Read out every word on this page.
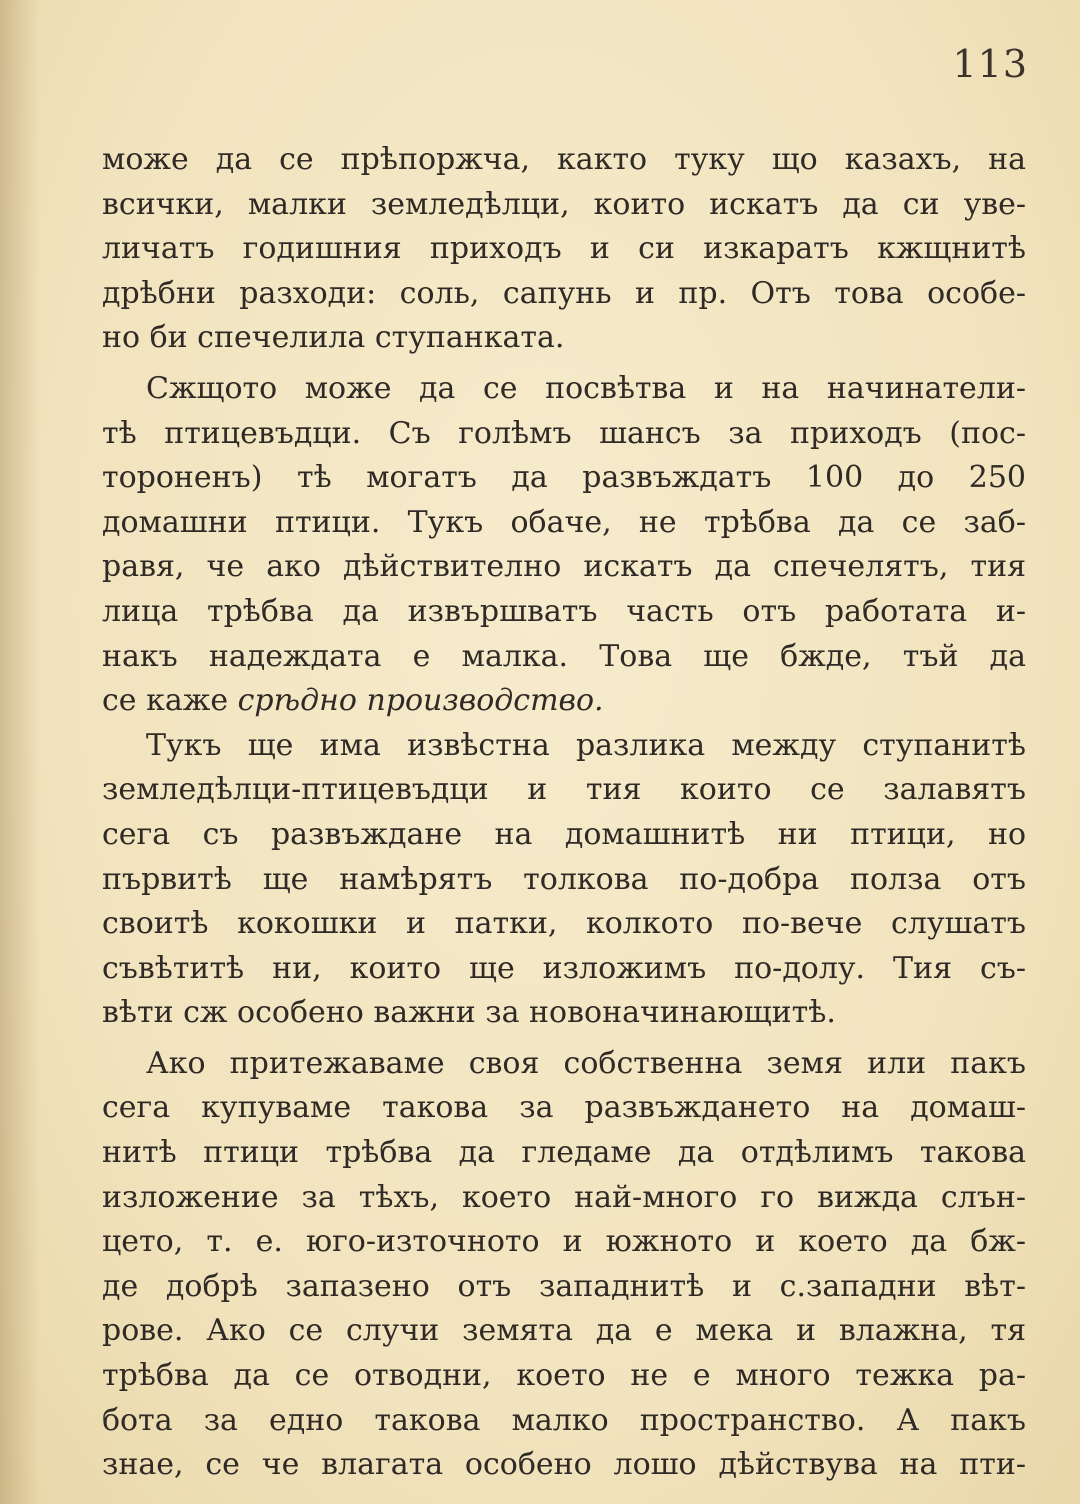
113
може да се прѣпоржча, както туку що казахъ, на
всички, малки земледѣлци, които искатъ да си уве-
личатъ годишния приходъ и си изкаратъ кжщнитѣ
дрѣбни разходи: соль, сапунь и пр. Отъ това особе-
но би спечелила ступанката.
Сжщото може да се посвѣтва и на начинатели-
тѣ птицевъдци. Съ голѣмъ шансъ за приходъ (пос-
тороненъ) тѣ могатъ да развъждатъ 100 до 250
домашни птици. Тукъ обаче, не трѣбва да се заб-
равя, че ако дѣйствително искатъ да спечелятъ, тия
лица трѣбва да извършватъ часть отъ работата и-
накъ надеждата е малка. Това ще бжде, тъй да
се каже срѣдно производство.
Тукъ ще има извѣстна разлика между ступанитѣ
земледѣлци-птицевъдци и тия които се залавятъ
сега съ развъждане на домашнитѣ ни птици, но
първитѣ ще намѣрятъ толкова по-добра полза отъ
своитѣ кокошки и патки, колкото по-вече слушатъ
съвѣтитѣ ни, които ще изложимъ по-долу. Тия съ-
вѣти сж особено важни за новоначинающитѣ.
Ако притежаваме своя собственна земя или пакъ
сега купуваме такова за развъждането на домаш-
нитѣ птици трѣбва да гледаме да отдѣлимъ такова
изложение за тѣхъ, което най-много го вижда слън-
цето, т. е. юго-източното и южното и което да бж-
де добрѣ запазено отъ западнитѣ и с.западни вѣт-
рове. Ако се случи земята да е мека и влажна, тя
трѣбва да се отводни, което не е много тежка ра-
бота за едно такова малко пространство. А пакъ
знае, се че влагата особено лошо дѣйствува на пти-
